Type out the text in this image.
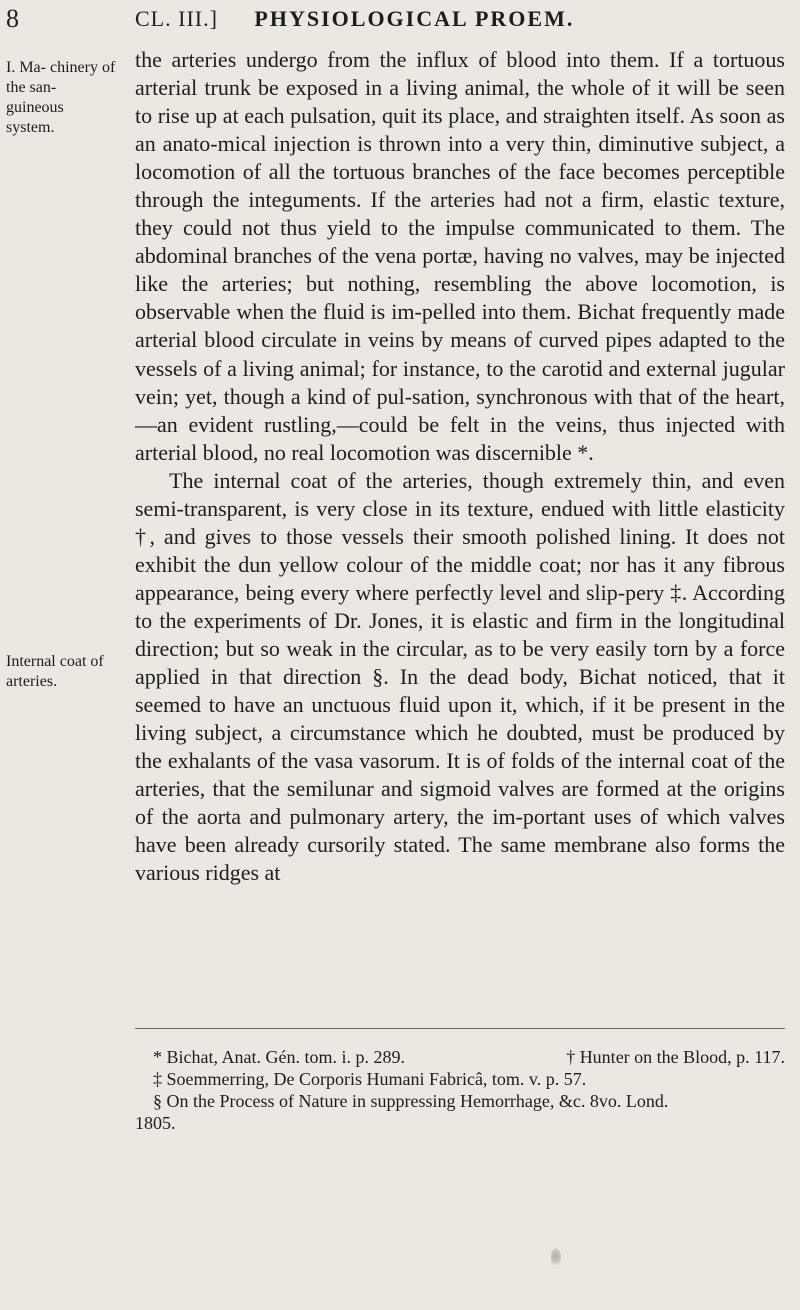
8	CL. III.] PHYSIOLOGICAL PROEM.
I. Ma- chinery of the san- guineous system.
Internal coat of arteries.

the arteries undergo from the influx of blood into them. If a tortuous arterial trunk be exposed in a living animal, the whole of it will be seen to rise up at each pulsation, quit its place, and straighten itself. As soon as an anato-mical injection is thrown into a very thin, diminutive subject, a locomotion of all the tortuous branches of the face becomes perceptible through the integuments. If the arteries had not a firm, elastic texture, they could not thus yield to the impulse communicated to them. The abdominal branches of the vena portæ, having no valves, may be injected like the arteries; but nothing, resembling the above locomotion, is observable when the fluid is im-pelled into them. Bichat frequently made arterial blood circulate in veins by means of curved pipes adapted to the vessels of a living animal; for instance, to the carotid and external jugular vein; yet, though a kind of pul-sation, synchronous with that of the heart,—an evident rustling,—could be felt in the veins, thus injected with arterial blood, no real locomotion was discernible *.

The internal coat of the arteries, though extremely thin, and even semi-transparent, is very close in its texture, endued with little elasticity †, and gives to those vessels their smooth polished lining. It does not exhibit the dun yellow colour of the middle coat; nor has it any fibrous appearance, being every where perfectly level and slip-pery ‡. According to the experiments of Dr. Jones, it is elastic and firm in the longitudinal direction; but so weak in the circular, as to be very easily torn by a force applied in that direction §. In the dead body, Bichat noticed, that it seemed to have an unctuous fluid upon it, which, if it be present in the living subject, a circumstance which he doubted, must be produced by the exhalants of the vasa vasorum. It is of folds of the internal coat of the arteries, that the semilunar and sigmoid valves are formed at the origins of the aorta and pulmonary artery, the im-portant uses of which valves have been already cursorily stated. The same membrane also forms the various ridges at

* Bichat, Anat. Gén. tom. i. p. 289.	† Hunter on the Blood, p. 117.
‡ Soemmerring, De Corporis Humani Fabricâ, tom. v. p. 57.
§ On the Process of Nature in suppressing Hemorrhage, &c. 8vo. Lond.
1805.
